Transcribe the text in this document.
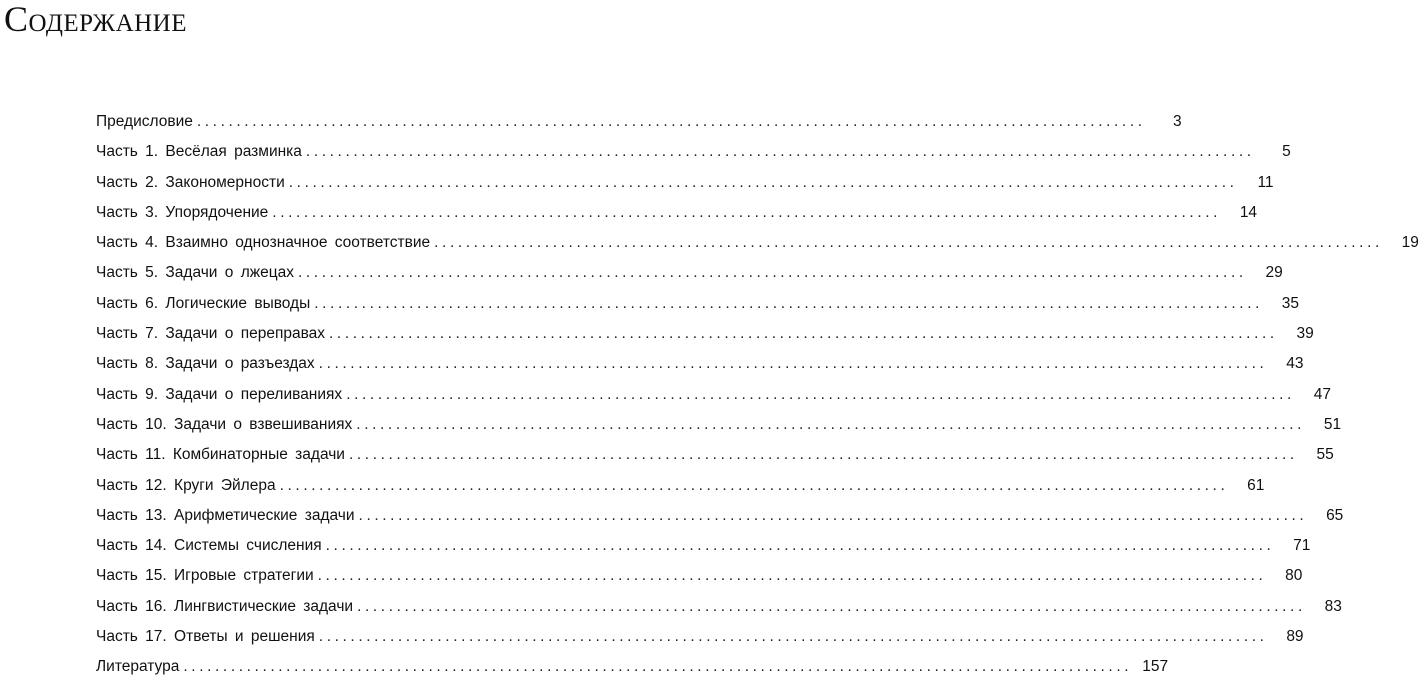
Содержание
Предисловие ........................................................................................................................	3
Часть 1. Весёлая разминка ........................................................................................................................	5
Часть 2. Закономерности ........................................................................................................................	11
Часть 3. Упорядочение ........................................................................................................................	14
Часть 4. Взаимно однозначное соответствие ........................................................................................................................	19
Часть 5. Задачи о лжецах ........................................................................................................................	29
Часть 6. Логические выводы ........................................................................................................................	35
Часть 7. Задачи о переправах ........................................................................................................................	39
Часть 8. Задачи о разъездах ........................................................................................................................	43
Часть 9. Задачи о переливаниях ........................................................................................................................	47
Часть 10. Задачи о взвешиваниях ........................................................................................................................	51
Часть 11. Комбинаторные задачи ........................................................................................................................	55
Часть 12. Круги Эйлера ........................................................................................................................	61
Часть 13. Арифметические задачи ........................................................................................................................	65
Часть 14. Системы счисления ........................................................................................................................	71
Часть 15. Игровые стратегии ........................................................................................................................	80
Часть 16. Лингвистические задачи ........................................................................................................................	83
Часть 17. Ответы и решения ........................................................................................................................	89
Литература ........................................................................................................................ 157
